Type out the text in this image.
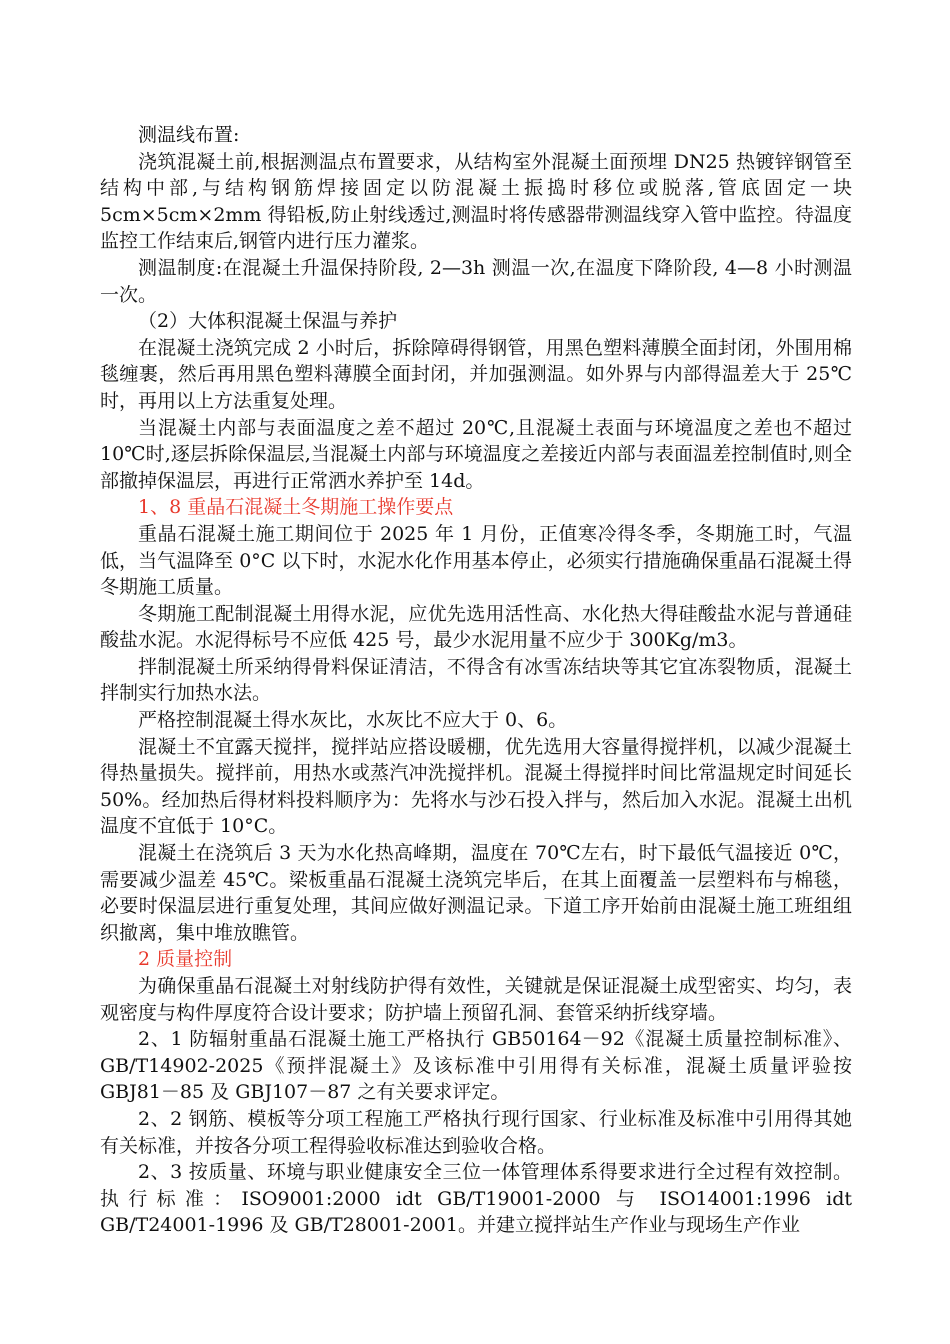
测温线布置:

浇筑混凝土前,根据测温点布置要求，从结构室外混凝土面预埋 DN25 热镀锌钢管至结构中部,与结构钢筋焊接固定以防混凝土振捣时移位或脱落,管底固定一块 5cm×5cm×2mm 得铅板,防止射线透过,测温时将传感器带测温线穿入管中监控。待温度监控工作结束后,钢管内进行压力灌浆。

测温制度:在混凝土升温保持阶段, 2—3h 测温一次,在温度下降阶段, 4—8 小时测温一次。

（2）大体积混凝土保温与养护

在混凝土浇筑完成 2 小时后，拆除障碍得钢管，用黑色塑料薄膜全面封闭，外围用棉毯缠裹，然后再用黑色塑料薄膜全面封闭，并加强测温。如外界与内部得温差大于 25℃时，再用以上方法重复处理。

当混凝土内部与表面温度之差不超过 20℃,且混凝土表面与环境温度之差也不超过 10℃时,逐层拆除保温层,当混凝土内部与环境温度之差接近内部与表面温差控制值时,则全部撤掉保温层，再进行正常洒水养护至 14d。

1、8 重晶石混凝土冬期施工操作要点

重晶石混凝土施工期间位于 2025 年 1 月份，正值寒冷得冬季，冬期施工时，气温低，当气温降至 0°C 以下时，水泥水化作用基本停止，必须实行措施确保重晶石混凝土得冬期施工质量。

冬期施工配制混凝土用得水泥，应优先选用活性高、水化热大得硅酸盐水泥与普通硅酸盐水泥。水泥得标号不应低 425 号，最少水泥用量不应少于 300Kg/m3。

拌制混凝土所采纳得骨料保证清洁，不得含有冰雪冻结块等其它宜冻裂物质，混凝土拌制实行加热水法。

严格控制混凝土得水灰比，水灰比不应大于 0、6。

混凝土不宜露天搅拌，搅拌站应搭设暖棚，优先选用大容量得搅拌机，以减少混凝土得热量损失。搅拌前，用热水或蒸汽冲洗搅拌机。混凝土得搅拌时间比常温规定时间延长 50%。经加热后得材料投料顺序为：先将水与沙石投入拌与，然后加入水泥。混凝土出机温度不宜低于 10°C。

混凝土在浇筑后 3 天为水化热高峰期，温度在 70℃左右，时下最低气温接近 0℃，需要减少温差 45℃。梁板重晶石混凝土浇筑完毕后，在其上面覆盖一层塑料布与棉毯，必要时保温层进行重复处理，其间应做好测温记录。下道工序开始前由混凝土施工班组组织撤离，集中堆放瞧管。

2 质量控制

为确保重晶石混凝土对射线防护得有效性，关键就是保证混凝土成型密实、均匀，表观密度与构件厚度符合设计要求；防护墙上预留孔洞、套管采纳折线穿墙。

2、1 防辐射重晶石混凝土施工严格执行 GB50164－92《混凝土质量控制标准》、GB/T14902-2025《预拌混凝土》及该标准中引用得有关标准，混凝土质量评验按 GBJ81－85 及 GBJ107－87 之有关要求评定。

2、2 钢筋、模板等分项工程施工严格执行现行国家、行业标准及标准中引用得其她有关标准，并按各分项工程得验收标准达到验收合格。

2、3 按质量、环境与职业健康安全三位一体管理体系得要求进行全过程有效控制。执行标准：ISO9001:2000 idt GB/T19001-2000 与 ISO14001:1996 idt GB/T24001-1996 及 GB/T28001-2001。并建立搅拌站生产作业与现场生产作业
